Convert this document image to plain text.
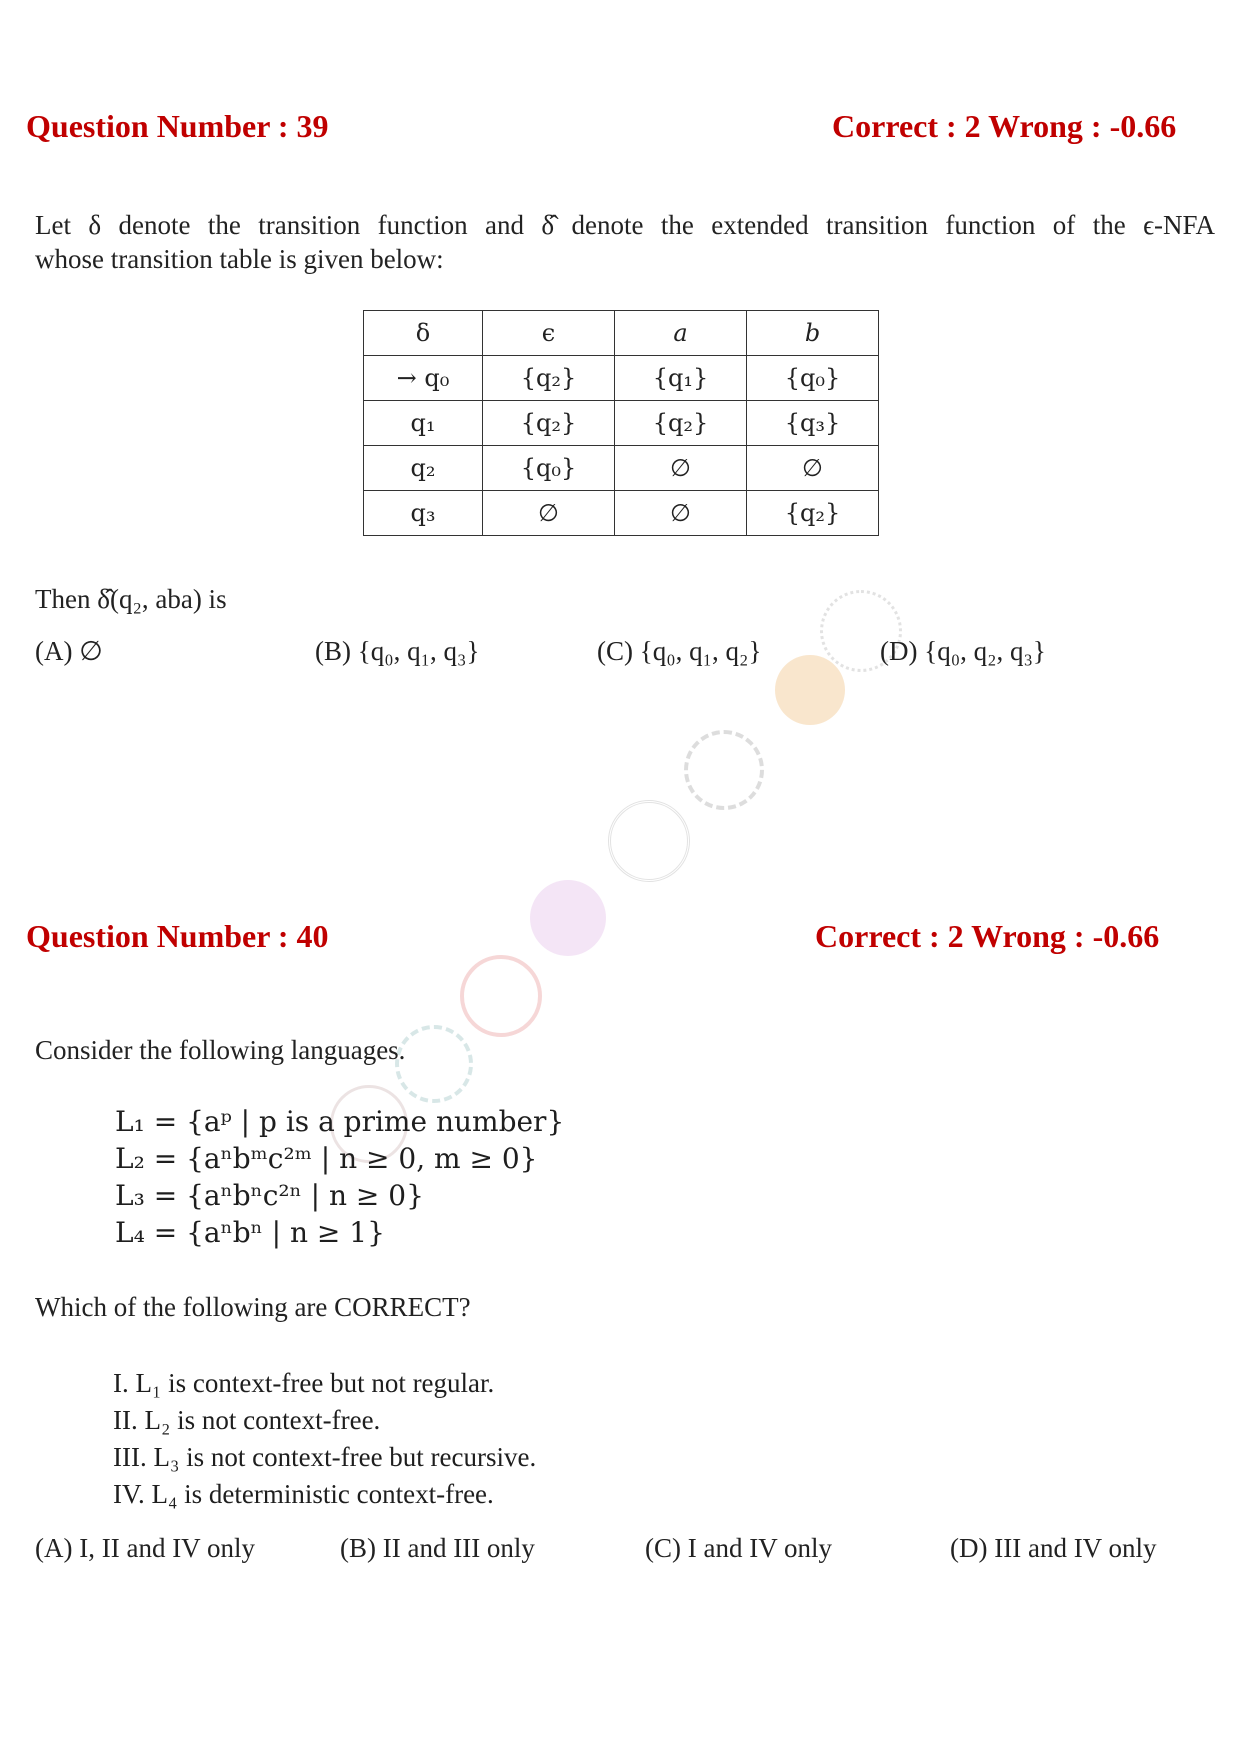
Question Number : 39	Correct : 2 Wrong : -0.66
Let δ denote the transition function and δ̂ denote the extended transition function of the ϵ-NFA
whose transition table is given below:
δ	ϵ	a	b
→ q₀	{q₂}	{q₁}	{q₀}
q₁	{q₂}	{q₂}	{q₃}
q₂	{q₀}	∅	∅
q₃	∅	∅	{q₂}
Then δ̂(q₂, aba) is
(A) ∅	(B) {q₀, q₁, q₃}	(C) {q₀, q₁, q₂}	(D) {q₀, q₂, q₃}
Question Number : 40	Correct : 2 Wrong : -0.66
Consider the following languages.
L₁ = {aᵖ | p is a prime number}
L₂ = {aⁿbᵐc²ᵐ | n ≥ 0, m ≥ 0}
L₃ = {aⁿbⁿc²ⁿ | n ≥ 0}
L₄ = {aⁿbⁿ | n ≥ 1}
Which of the following are CORRECT?
I. L₁ is context-free but not regular.
II. L₂ is not context-free.
III. L₃ is not context-free but recursive.
IV. L₄ is deterministic context-free.
(A) I, II and IV only	(B) II and III only	(C) I and IV only	(D) III and IV only
